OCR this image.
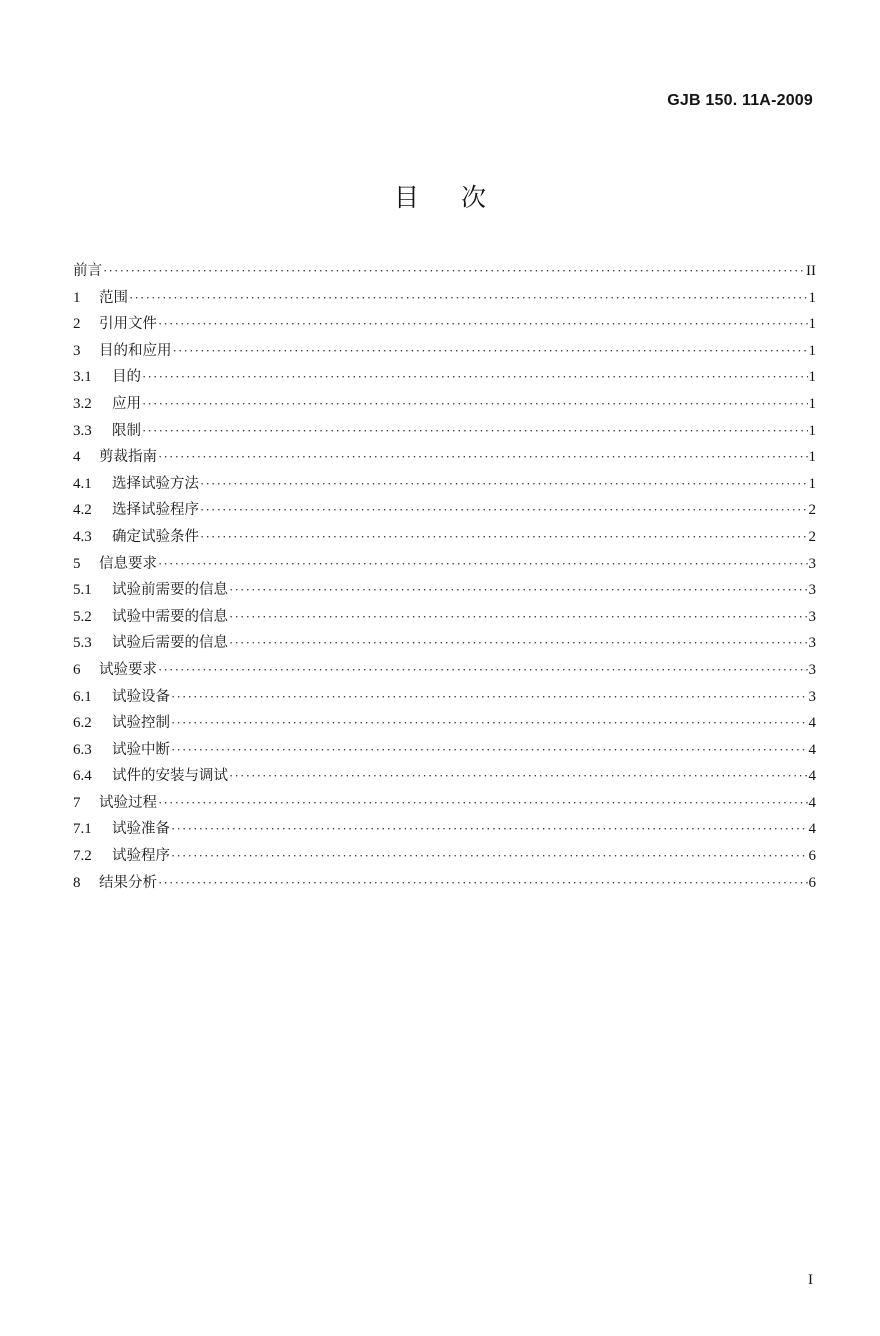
GJB 150. 11A-2009
目 次
前言 ·····	II
1	范围 ·····	1
2	引用文件 ·····	1
3	目的和应用 ·····	1
3.1	目的 ·····	1
3.2	应用 ·····	1
3.3	限制 ·····	1
4	剪裁指南 ·····	1
4.1	选择试验方法 ·····	1
4.2	选择试验程序 ·····	2
4.3	确定试验条件 ·····	2
5	信息要求 ·····	3
5.1	试验前需要的信息 ·····	3
5.2	试验中需要的信息 ·····	3
5.3	试验后需要的信息 ·····	3
6	试验要求 ·····	3
6.1	试验设备 ·····	3
6.2	试验控制 ·····	4
6.3	试验中断 ·····	4
6.4	试件的安装与调试 ·····	4
7	试验过程 ·····	4
7.1	试验准备 ·····	4
7.2	试验程序 ·····	6
8	结果分析 ·····	6
I
